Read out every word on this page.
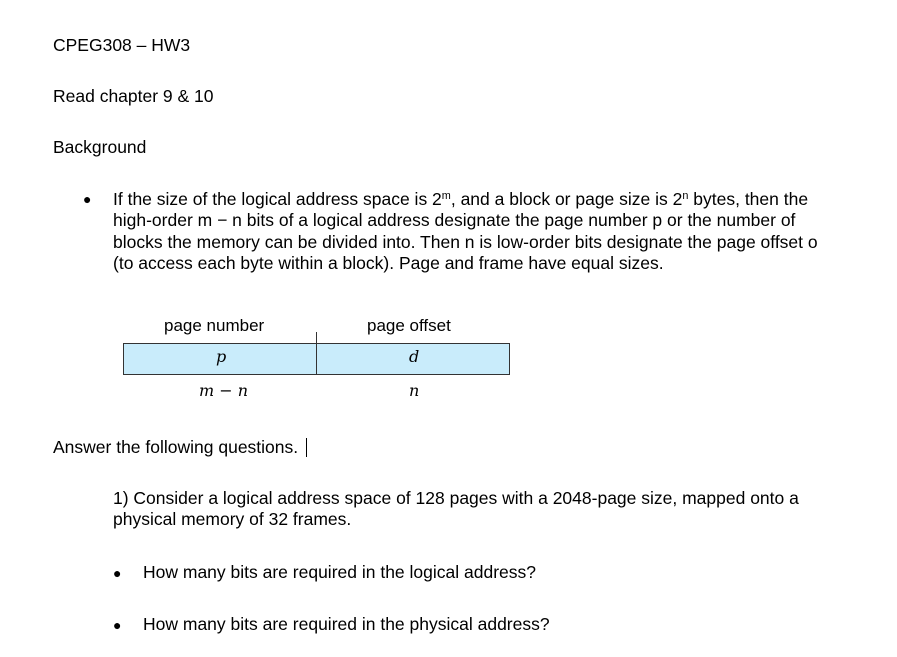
CPEG308 – HW3
Read chapter 9 & 10
Background
● If the size of the logical address space is 2$^m$, and a block or page size is 2$^n$ bytes, then the high-order m − n bits of a logical address designate the page number p or the number of blocks the memory can be divided into. Then n is low-order bits designate the page offset o (to access each byte within a block). Page and frame have equal sizes.
page number	page offset
p	d
m − n	n
Answer the following questions.
1) Consider a logical address space of 128 pages with a 2048-page size, mapped onto a physical memory of 32 frames.
● How many bits are required in the logical address?
● How many bits are required in the physical address?
